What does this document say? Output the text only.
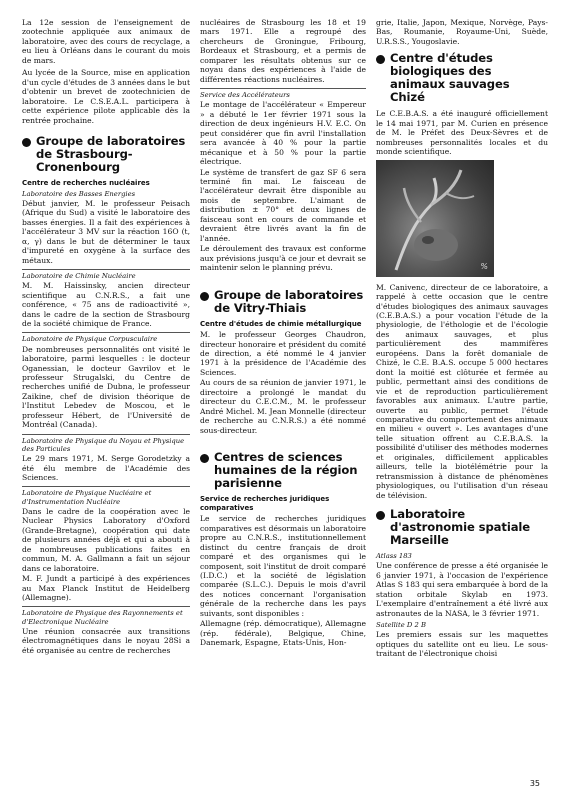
La 12e session de l'enseignement de zootechnie appliquée aux animaux de laboratoire, avec des cours de recyclage, a eu lieu à Orléans dans le courant du mois de mars.

Au lycée de la Source, mise en application d'un cycle d'études de 3 années dans le but d'obtenir un brevet de zootechnicien de laboratoire. Le C.S.E.A.L. participera à cette expérience pilote applicable dès la rentrée prochaine.

Groupe de laboratoires de Strasbourg-Cronenbourg
Centre de recherches nucléaires
Laboratoire des Basses Energies

Début janvier, M. le professeur Peisach (Afrique du Sud) a visité le laboratoire des basses énergies. Il a fait des expériences à l'accélérateur 3 MV sur la réaction 16O (t, α, γ) dans le but de déterminer le taux d'impureté en oxygène à la surface des métaux.

Laboratoire de Chimie Nucléaire

M. M. Haissinsky, ancien directeur scientifique au C.N.R.S., a fait une conférence, « 75 ans de radioactivité », dans le cadre de la section de Strasbourg de la société chimique de France.

Laboratoire de Physique Corpusculaire

De nombreuses personnalités ont visité le laboratoire, parmi lesquelles : le docteur Oganessian, le docteur Gavrilov et le professeur Strugalski, du Centre de recherches unifié de Dubna, le professeur Zaikine, chef de division théorique de l'Institut Lebedev de Moscou, et le professeur Hébert, de l'Université de Montréal (Canada).

Laboratoire de Physique du Noyau et Physique des Particules

Le 29 mars 1971, M. Serge Gorodetzky a été élu membre de l'Académie des Sciences.

Laboratoire de Physique Nucléaire et d'Instrumentation Nucléaire

Dans le cadre de la coopération avec le Nuclear Physics Laboratory d'Oxford (Grande-Bretagne), coopération qui date de plusieurs années déjà et qui a abouti à de nombreuses publications faites en commun, M. A. Gallmann a fait un séjour dans ce laboratoire.

M. F. Jundt a participé à des expériences au Max Planck Institut de Heidelberg (Allemagne).

Laboratoire de Physique des Rayonnements et d'Electronique Nucléaire

Une réunion consacrée aux transitions électromagnétiques dans le noyau 28Si a été organisée au centre de recherches

nucléaires de Strasbourg les 18 et 19 mars 1971. Elle a regroupé des chercheurs de Groningue, Fribourg, Bordeaux et Strasbourg, et a permis de comparer les résultats obtenus sur ce noyau dans des expériences à l'aide de différentes réactions nucléaires.

Service des Accélérateurs

Le montage de l'accélérateur « Empereur » a débuté le 1er février 1971 sous la direction de deux ingénieurs H.V. E.C. On peut considérer que fin avril l'installation sera avancée à 40 % pour la partie mécanique et à 50 % pour la partie électrique.

Le système de transfert de gaz SF 6 sera terminé fin mai. Le faisceau de l'accélérateur devrait être disponible au mois de septembre. L'aimant de distribution ± 70° et deux lignes de faisceau sont en cours de commande et devraient être livrés avant la fin de l'année.

Le déroulement des travaux est conforme aux prévisions jusqu'à ce jour et devrait se maintenir selon le planning prévu.

Groupe de laboratoires de Vitry-Thiais
Centre d'études de chimie métallurgique

M. le professeur Georges Chaudron, directeur honoraire et président du comité de direction, a été nommé le 4 janvier 1971 à la présidence de l'Académie des Sciences.

Au cours de sa réunion de janvier 1971, le directoire a prolongé le mandat du directeur du C.E.C.M., M. le professeur André Michel. M. Jean Monnelle (directeur de recherche au C.N.R.S.) a été nommé sous-directeur.

Centres de sciences humaines de la région parisienne
Service de recherches juridiques comparatives

Le service de recherches juridiques comparatives est désormais un laboratoire propre au C.N.R.S., institutionnellement distinct du centre français de droit comparé et des organismes qui le composent, soit l'institut de droit comparé (I.D.C.) et la société de législation comparée (S.L.C.). Depuis le mois d'avril des notices concernant l'organisation générale de la recherche dans les pays suivants, sont disponibles :

Allemagne (rép. démocratique), Allemagne (rép. fédérale), Belgique, Chine, Danemark, Espagne, Etats-Unis, Hon-

grie, Italie, Japon, Mexique, Norvège, Pays-Bas, Roumanie, Royaume-Uni, Suède, U.R.S.S., Yougoslavie.

Centre d'études biologiques des animaux sauvages Chizé

Le C.E.B.A.S. a été inauguré officiellement le 14 mai 1971, par M. Curien en présence de M. le Préfet des Deux-Sèvres et de nombreuses personnalités locales et du monde scientifique.

%

M. Canivenc, directeur de ce laboratoire, a rappelé à cette occasion que le centre d'études biologiques des animaux sauvages (C.E.B.A.S.) a pour vocation l'étude de la physiologie, de l'éthologie et de l'écologie des animaux sauvages, et plus particulièrement des mammifères européens. Dans la forêt domaniale de Chizé, le C.E. B.A.S. occupe 5 000 hectares dont la moitié est clôturée et fermée au public, permettant ainsi des conditions de vie et de reproduction particulièrement favorables aux animaux. L'autre partie, ouverte au public, permet l'étude comparative du comportement des animaux en milieu « ouvert ». Les avantages d'une telle situation offrent au C.E.B.A.S. la possibilité d'utiliser des méthodes modernes et originales, difficilement applicables ailleurs, telle la biotélémétrie pour la retransmission à distance de phénomènes physiologiques, ou l'utilisation d'un réseau de télévision.

Laboratoire d'astronomie spatiale Marseille
Atlass 183

Une conférence de presse a été organisée le 6 janvier 1971, à l'occasion de l'expérience Atlas S 183 qui sera embarquée à bord de la station orbitale Skylab en 1973. L'exemplaire d'entraînement a été livré aux astronautes de la NASA, le 3 février 1971.

Satellite D 2 B

Les premiers essais sur les maquettes optiques du satellite ont eu lieu. Le sous-traitant de l'électronique choisi

35
